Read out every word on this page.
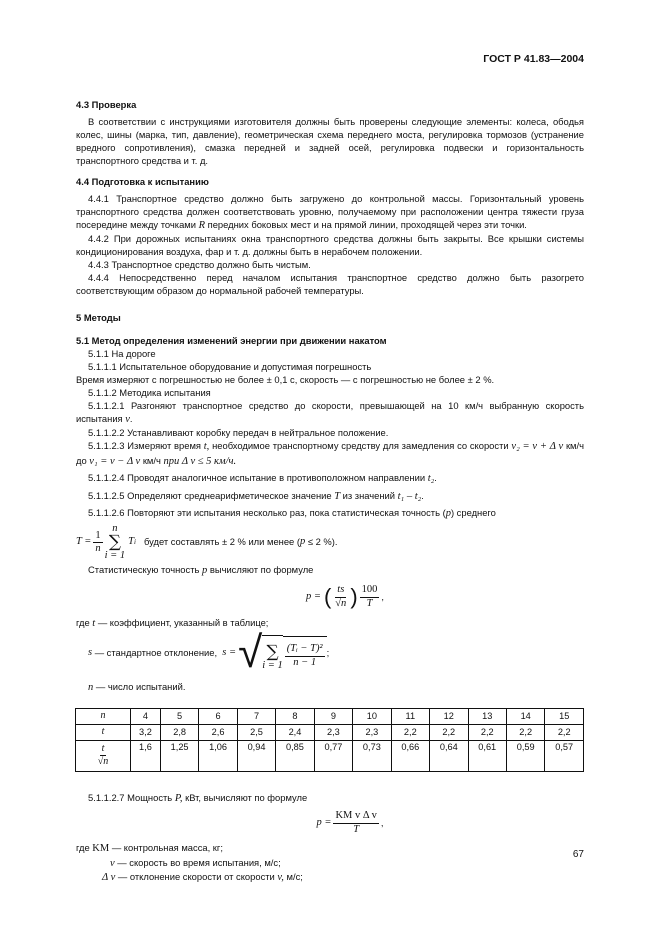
ГОСТ Р 41.83—2004

4.3 Проверка

В соответствии с инструкциями изготовителя должны быть проверены следующие элементы: колеса, ободья колес, шины (марка, тип, давление), геометрическая схема переднего моста, регулировка тормозов (устранение вредного сопротивления), смазка передней и задней осей, регулировка подвески и горизонтальность транспортного средства и т. д.

4.4 Подготовка к испытанию

4.4.1 Транспортное средство должно быть загружено до контрольной массы. Горизонтальный уровень транспортного средства должен соответствовать уровню, получаемому при расположении центра тяжести груза посередине между точками R передних боковых мест и на прямой линии, проходящей через эти точки.

4.4.2 При дорожных испытаниях окна транспортного средства должны быть закрыты. Все крышки системы кондиционирования воздуха, фар и т. д. должны быть в нерабочем положении.

4.4.3 Транспортное средство должно быть чистым.

4.4.4 Непосредственно перед началом испытания транспортное средство должно быть разогрето соответствующим образом до нормальной рабочей температуры.

5 Методы

5.1 Метод определения изменений энергии при движении накатом

5.1.1 На дороге

5.1.1.1 Испытательное оборудование и допустимая погрешность

Время измеряют с погрешностью не более ± 0,1 с, скорость — с погрешностью не более ± 2 %.

5.1.1.2 Методика испытания

5.1.1.2.1 Разгоняют транспортное средство до скорости, превышающей на 10 км/ч выбранную скорость испытания v.

5.1.1.2.2 Устанавливают коробку передач в нейтральное положение.

5.1.1.2.3 Измеряют время t, необходимое транспортному средству для замедления со скорости v₂ = v + Δ v км/ч до v₁ = v − Δ v км/ч при Δ v ≤ 5 км/ч.

5.1.1.2.4 Проводят аналогичное испытание в противоположном направлении t₂.

5.1.1.2.5 Определяют среднеарифметическое значение T из значений t₁ – t₂.

5.1.1.2.6 Повторяют эти испытания несколько раз, пока статистическая точность (p) среднего

$T = \frac{1}{n}$
n
∑
i = 1
T i будет составлять ± 2 % или менее ( p
≤ 2 %).

Статистическую точность p вычисляют по формуле

p = ( $\frac{ts}{√n}$ ) $\frac{100}{T}$ ,

где t — коэффициент, указанный в таблице;

s
— стандартное отклонение,
s = √ ∑
$i = 1 \frac{\text{(Tᵢ − T)²}}{n - 1}$ ;

n — число испытаний.

n	4	5	6	7	8	9	10	11	12	13	14	15
t	3,2	2,8	2,6	2,5	2,4	2,3	2,3	2,2	2,2	2,2	2,2	2,2

$\frac{t}{√n}$	1,6	1,25	1,06	0,94	0,85	0,77	0,73	0,66	0,64	0,61	0,59	0,57

5.1.1.2.7 Мощность P, кВт, вычисляют по формуле

$p = \frac{\text{KM v Δ v}}{T}$ ,

где KM — контрольная масса, кг;

v — скорость во время испытания, м/с;

Δ v — отклонение скорости от скорости v, м/с;

67
